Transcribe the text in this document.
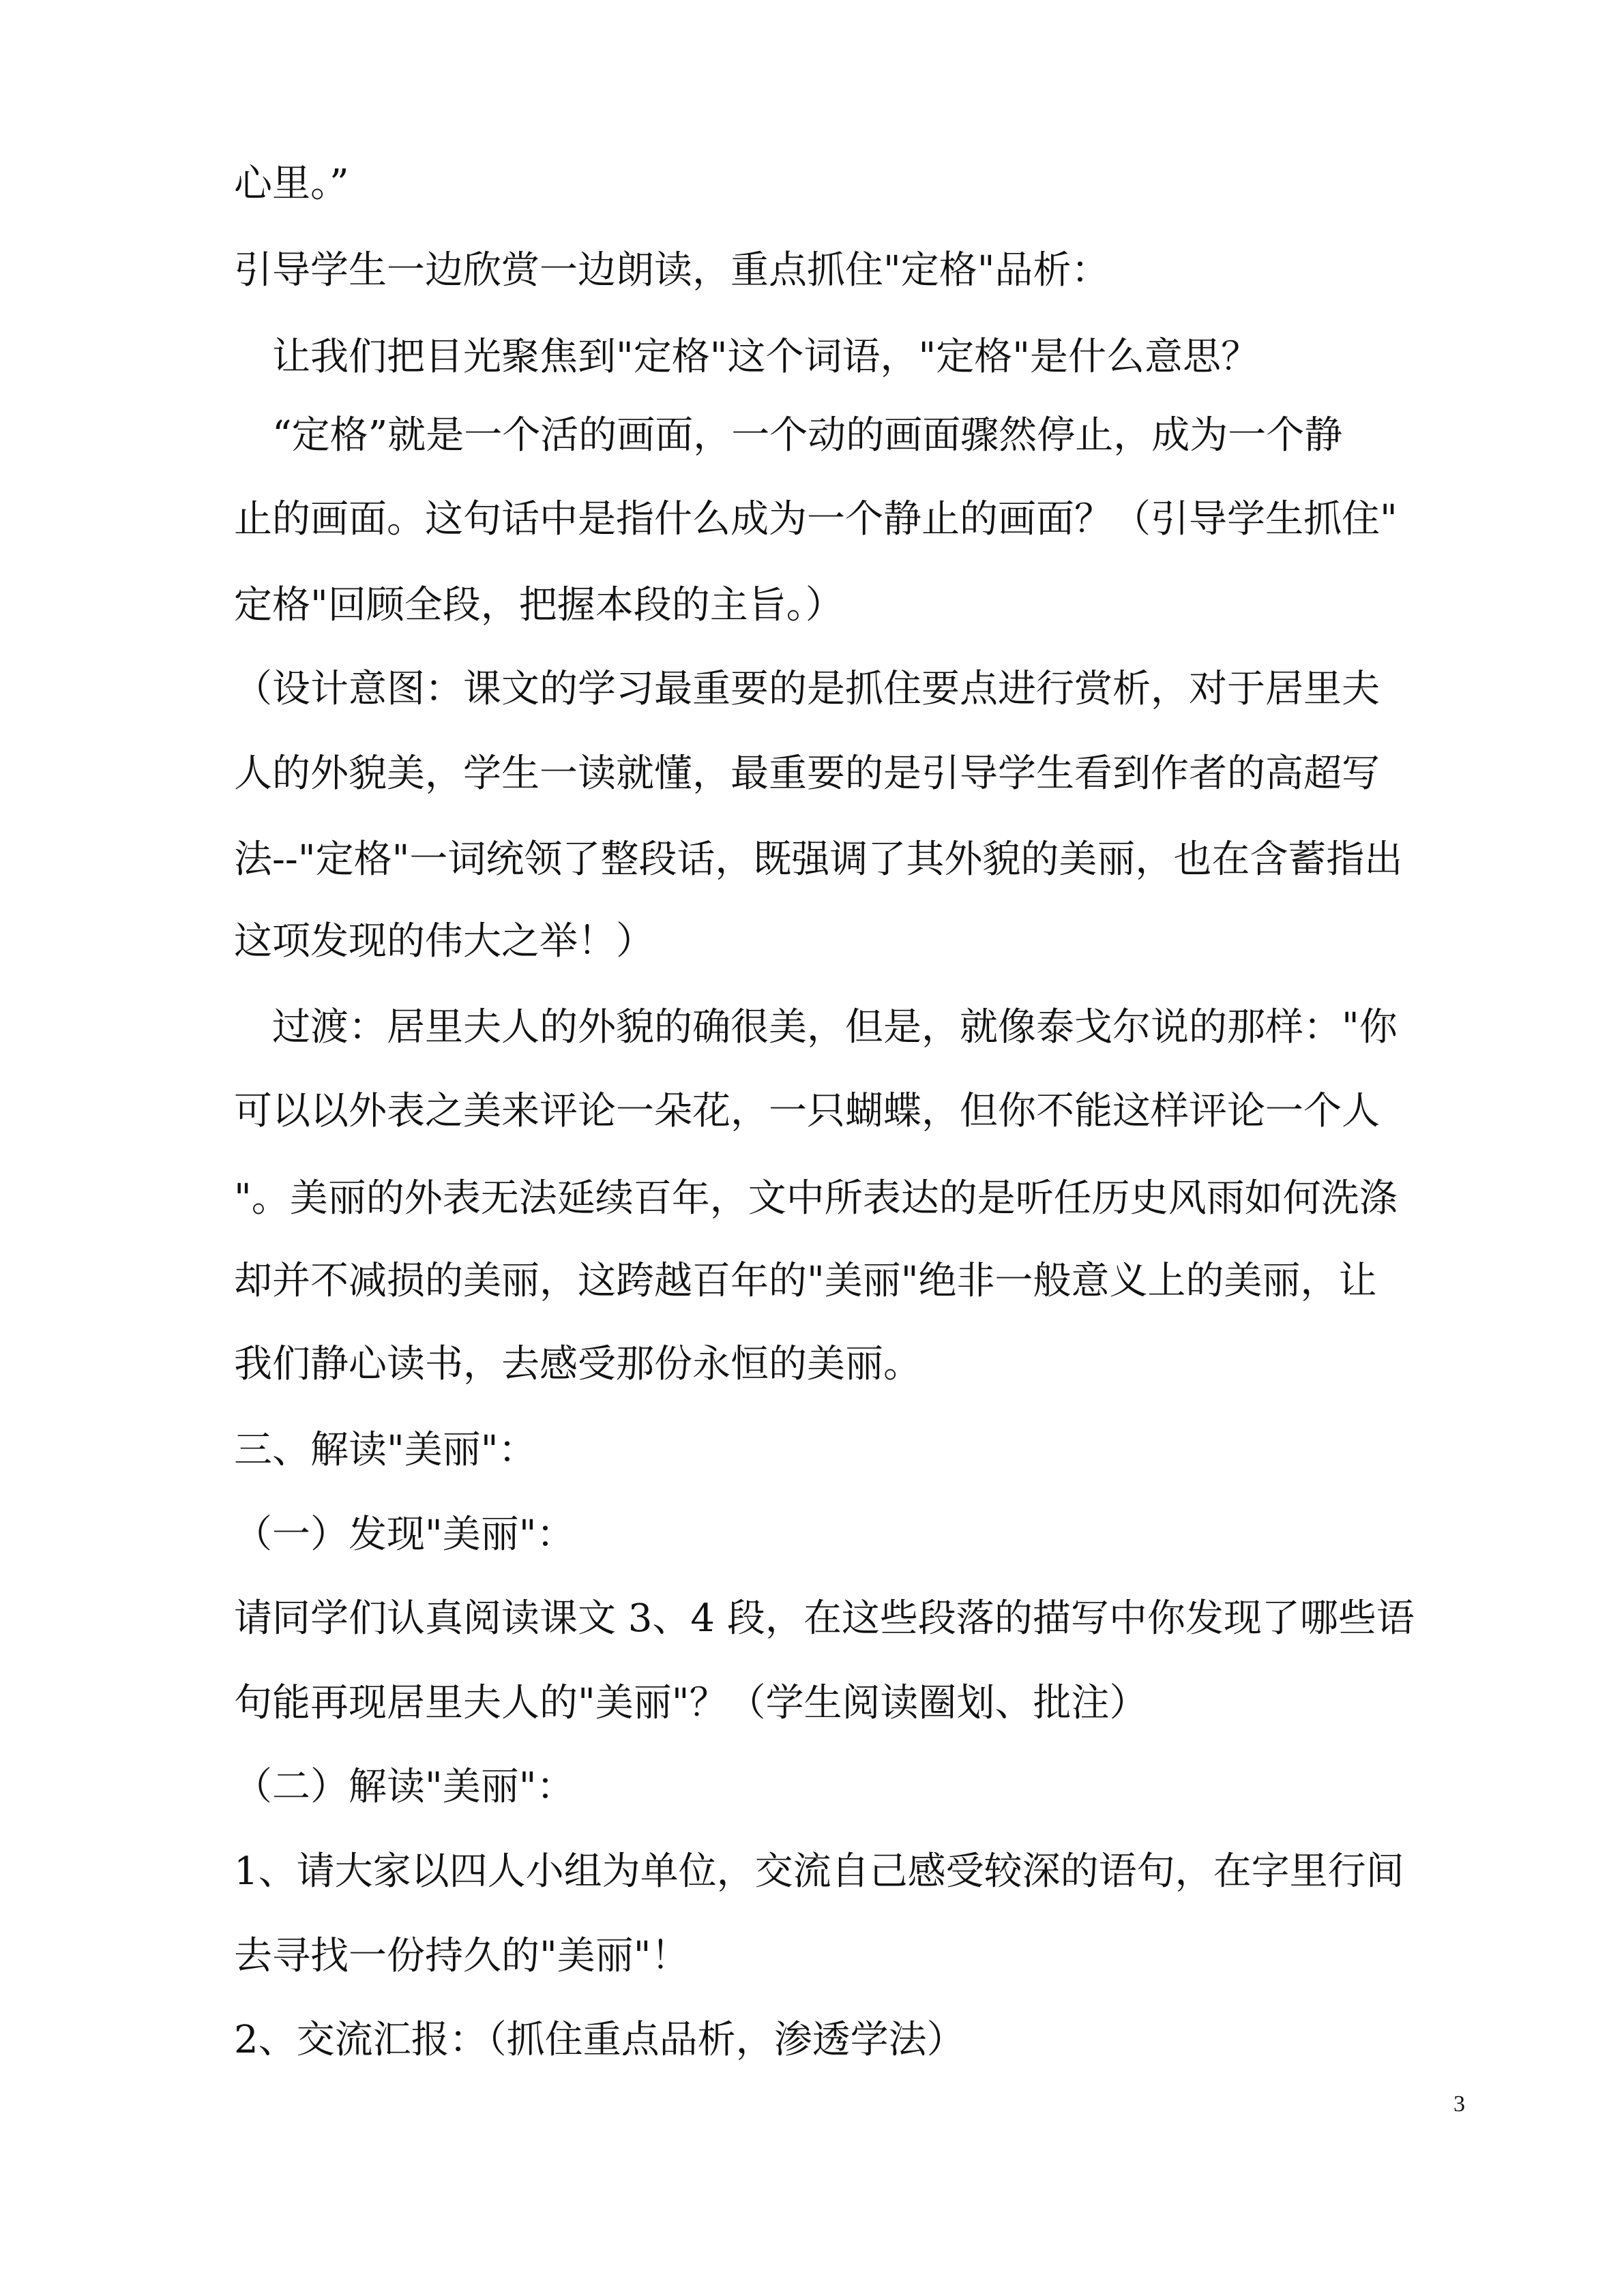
心里。”
引导学生一边欣赏一边朗读，重点抓住"定格"品析：
　让我们把目光聚焦到"定格"这个词语，"定格"是什么意思？
　“定格”就是一个活的画面，一个动的画面骤然停止，成为一个静
止的画面。这句话中是指什么成为一个静止的画面？（引导学生抓住"
定格"回顾全段，把握本段的主旨。）
（设计意图：课文的学习最重要的是抓住要点进行赏析，对于居里夫
人的外貌美，学生一读就懂，最重要的是引导学生看到作者的高超写
法--"定格"一词统领了整段话，既强调了其外貌的美丽，也在含蓄指出
这项发现的伟大之举！）
　过渡：居里夫人的外貌的确很美，但是，就像泰戈尔说的那样："你
可以以外表之美来评论一朵花，一只蝴蝶，但你不能这样评论一个人
"。美丽的外表无法延续百年，文中所表达的是听任历史风雨如何洗涤
却并不减损的美丽，这跨越百年的"美丽"绝非一般意义上的美丽，让
我们静心读书，去感受那份永恒的美丽。
三、解读"美丽"：
（一）发现"美丽"：
请同学们认真阅读课文 3、4 段，在这些段落的描写中你发现了哪些语
句能再现居里夫人的"美丽"？（学生阅读圈划、批注）
（二）解读"美丽"：
1、请大家以四人小组为单位，交流自己感受较深的语句，在字里行间
去寻找一份持久的"美丽"！
2、交流汇报：（抓住重点品析，渗透学法）
3
